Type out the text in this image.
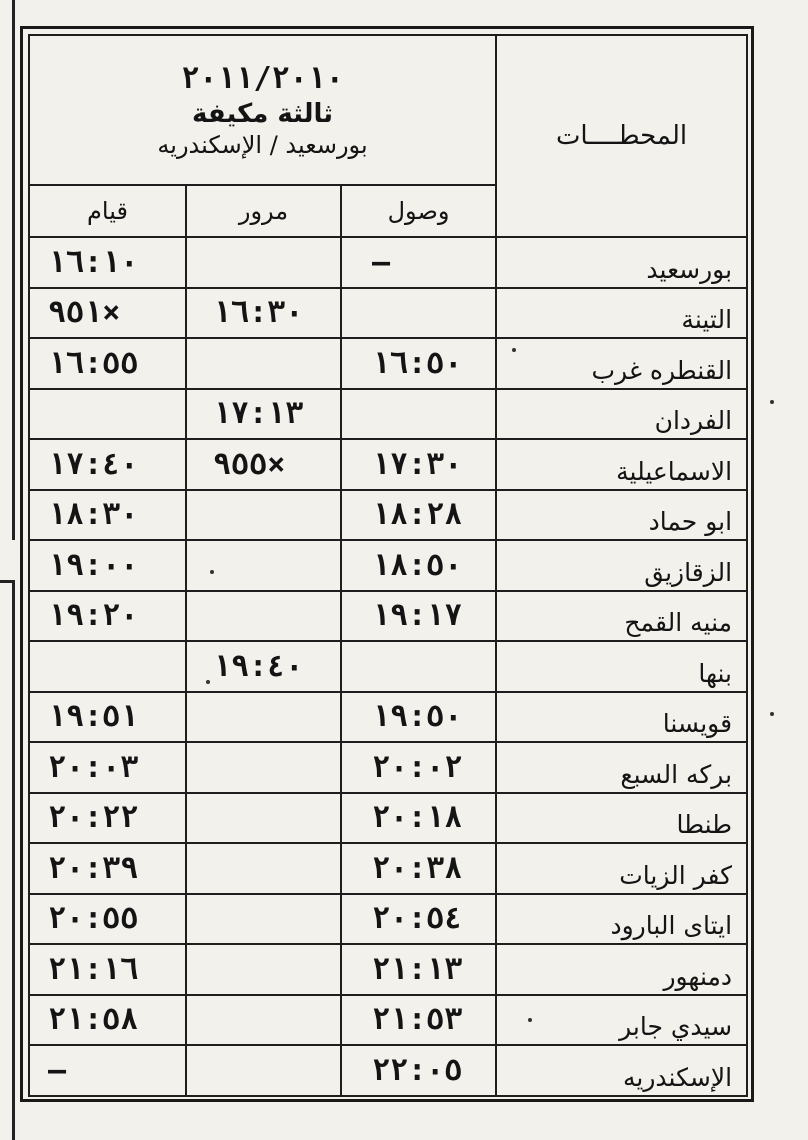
٢٠١١/٢٠١٠
ثالثة مكيفة
بورسعيد / الإسكندريه			المحطــــات
قيام	مرور	وصول	
١٦:١٠		–	بورسعيد
٩٥١×	١٦:٣٠		التينة
١٦:٥٥		١٦:٥٠	القنطره غرب
	١٧:١٣		الفردان
١٧:٤٠	٩٥٥×	١٧:٣٠	الاسماعيلية
١٨:٣٠		١٨:٢٨	ابو حماد
١٩:٠٠		١٨:٥٠	الزقازيق
١٩:٢٠		١٩:١٧	منيه القمح
	١٩:٤٠		بنها
١٩:٥١		١٩:٥٠	قويسنا
٢٠:٠٣		٢٠:٠٢	بركه السبع
٢٠:٢٢		٢٠:١٨	طنطا
٢٠:٣٩		٢٠:٣٨	كفر الزيات
٢٠:٥٥		٢٠:٥٤	ايتاى البارود
٢١:١٦		٢١:١٣	دمنهور
٢١:٥٨		٢١:٥٣	سيدي جابر
–		٢٢:٠٥	الإسكندريه
